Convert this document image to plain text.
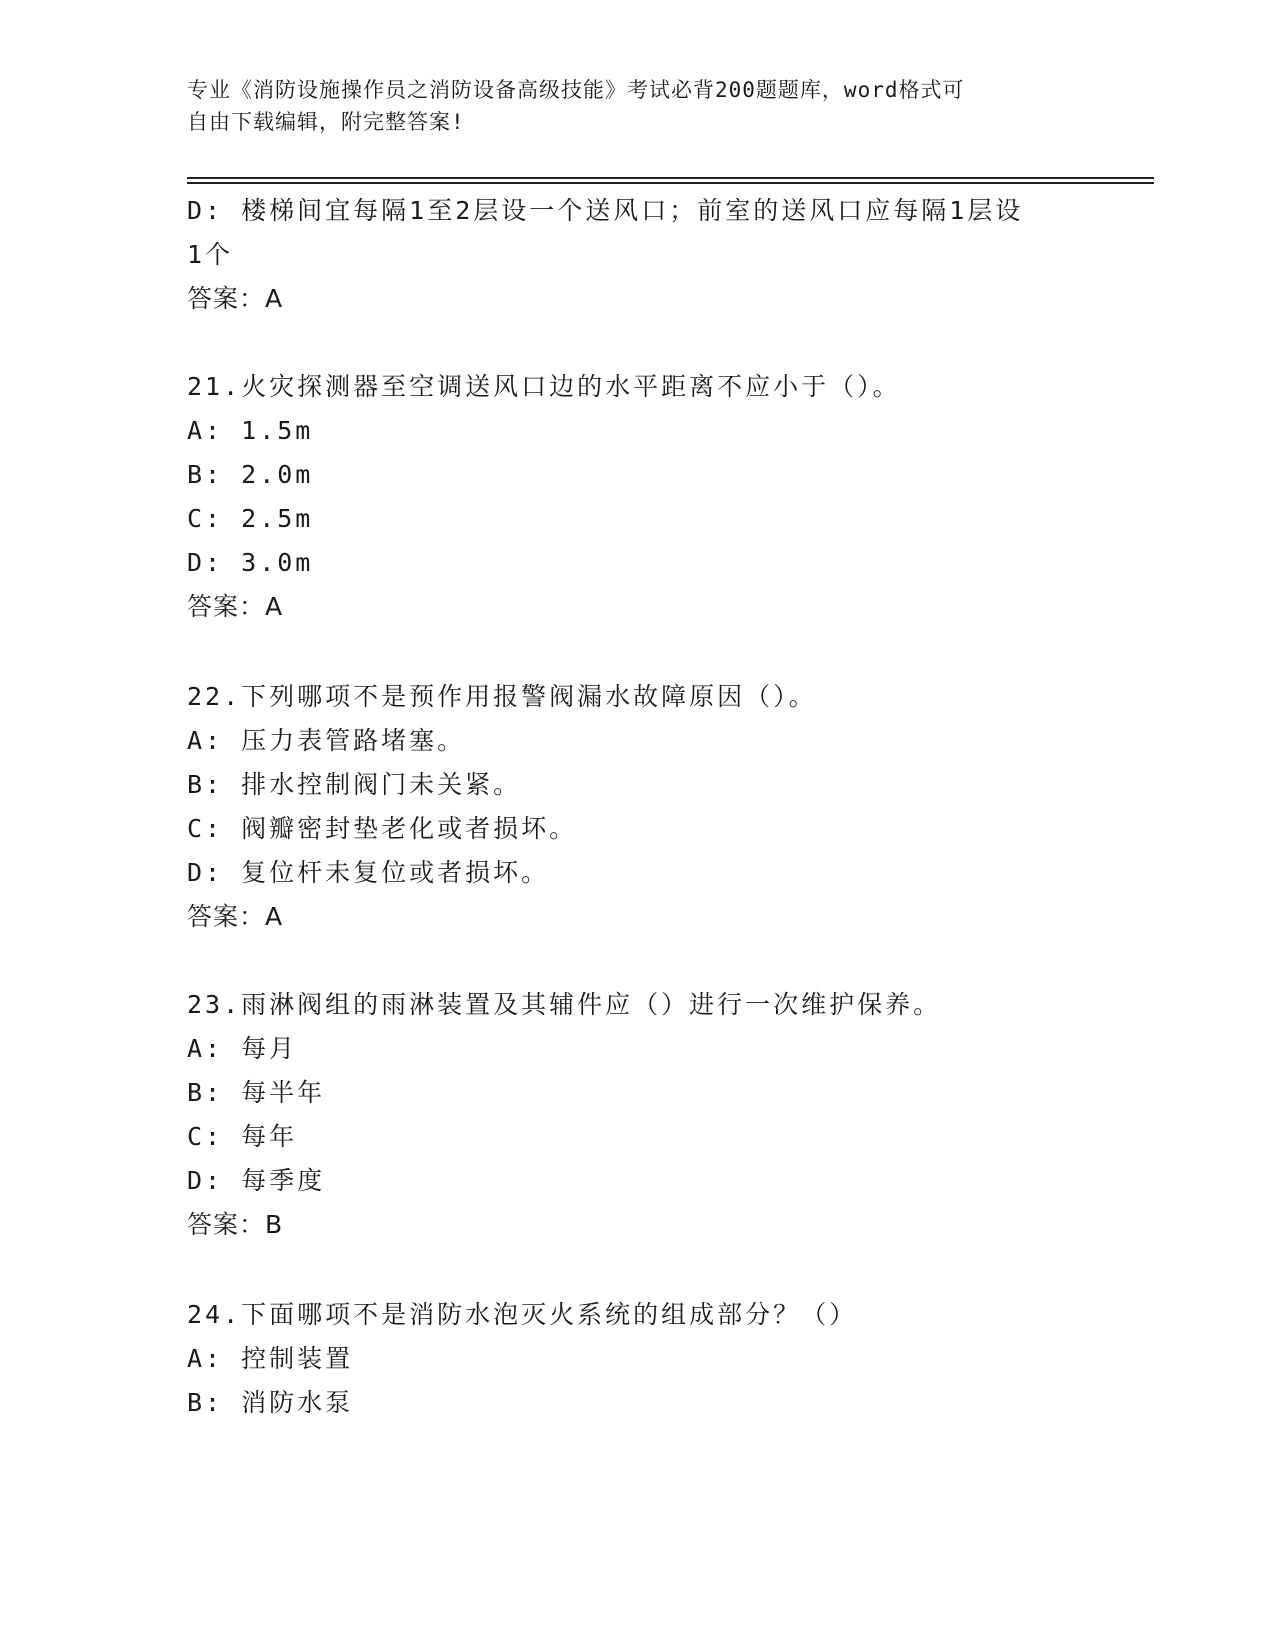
专业《消防设施操作员之消防设备高级技能》考试必背200题题库，word格式可
自由下载编辑，附完整答案!
D: 楼梯间宜每隔1至2层设一个送风口；前室的送风口应每隔1层设
1个
答案：A
21.火灾探测器至空调送风口边的水平距离不应小于（）。
A: 1.5m
B: 2.0m
C: 2.5m
D: 3.0m
答案：A
22.下列哪项不是预作用报警阀漏水故障原因（）。
A: 压力表管路堵塞。
B: 排水控制阀门未关紧。
C: 阀瓣密封垫老化或者损坏。
D: 复位杆未复位或者损坏。
答案：A
23.雨淋阀组的雨淋装置及其辅件应（）进行一次维护保养。
A: 每月
B: 每半年
C: 每年
D: 每季度
答案：B
24.下面哪项不是消防水泡灭火系统的组成部分？（）
A: 控制装置
B: 消防水泵
